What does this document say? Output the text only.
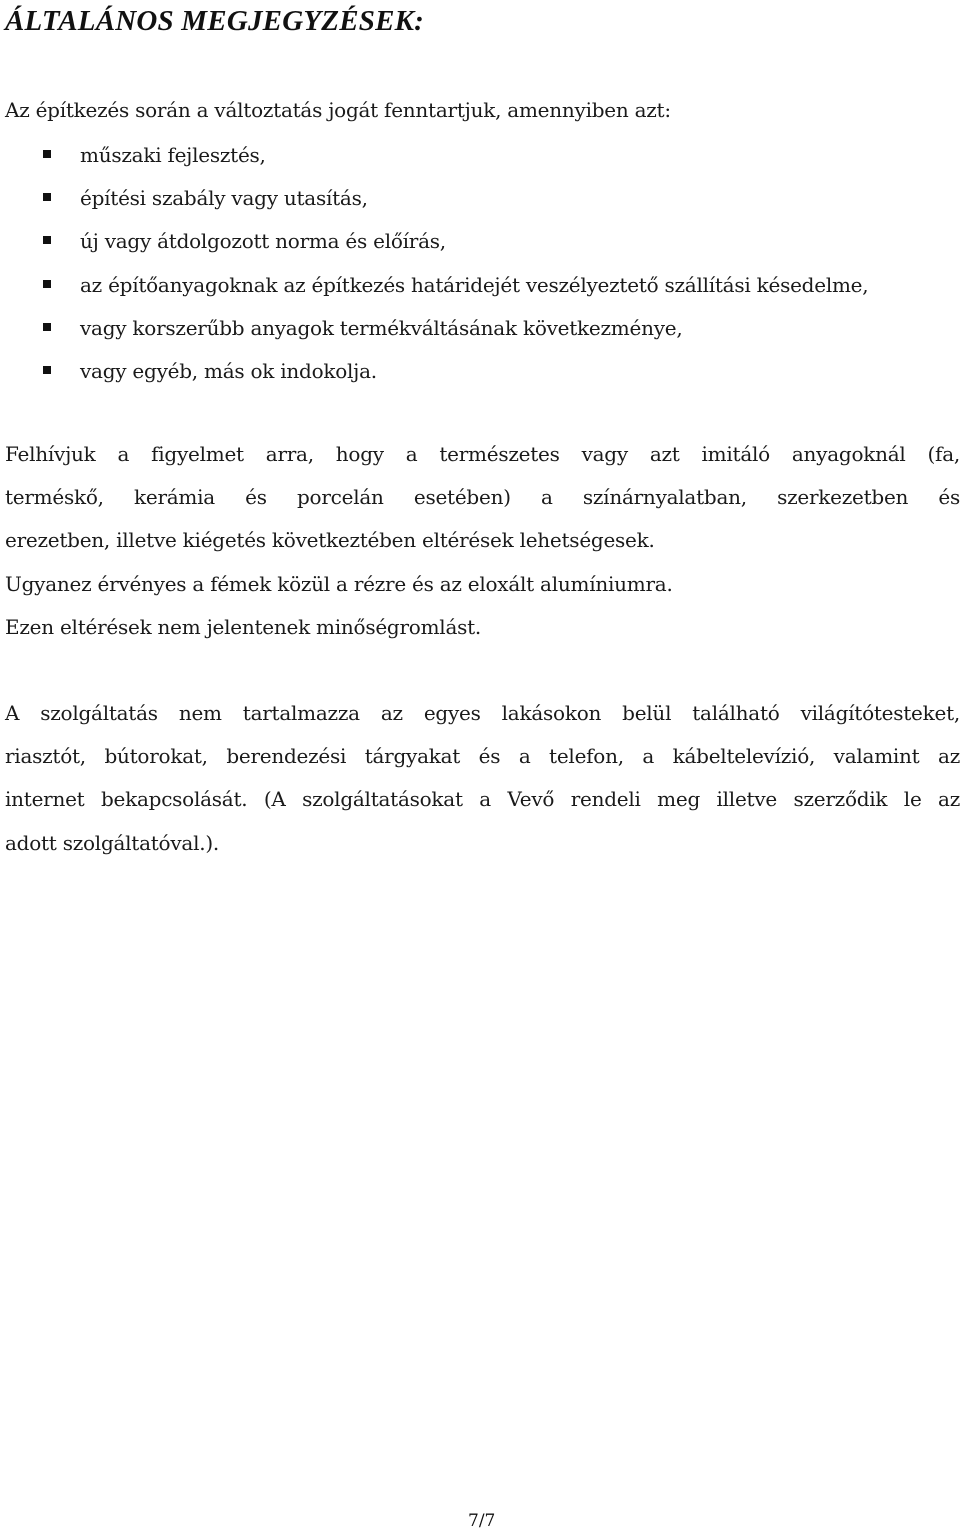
ÁLTALÁNOS MEGJEGYZÉSEK:

Az építkezés során a változtatás jogát fenntartjuk, amennyiben azt:

műszaki fejlesztés,
építési szabály vagy utasítás,
új vagy átdolgozott norma és előírás,
az építőanyagoknak az építkezés határidejét veszélyeztető szállítási késedelme,
vagy korszerűbb anyagok termékváltásának következménye,
vagy egyéb, más ok indokolja.
Felhívjuk a figyelmet arra, hogy a természetes vagy azt imitáló anyagoknál (fa,
terméskő, kerámia és porcelán esetében) a színárnyalatban, szerkezetben és
erezetben, illetve kiégetés következtében eltérések lehetségesek.
Ugyanez érvényes a fémek közül a rézre és az eloxált alumíniumra.
Ezen eltérések nem jelentenek minőségromlást.
A szolgáltatás nem tartalmazza az egyes lakásokon belül található világítótesteket,
riasztót, bútorokat, berendezési tárgyakat és a telefon, a kábeltelevízió, valamint az
internet bekapcsolását. (A szolgáltatásokat a Vevő rendeli meg illetve szerződik le az
adott szolgáltatóval.).
7/7
